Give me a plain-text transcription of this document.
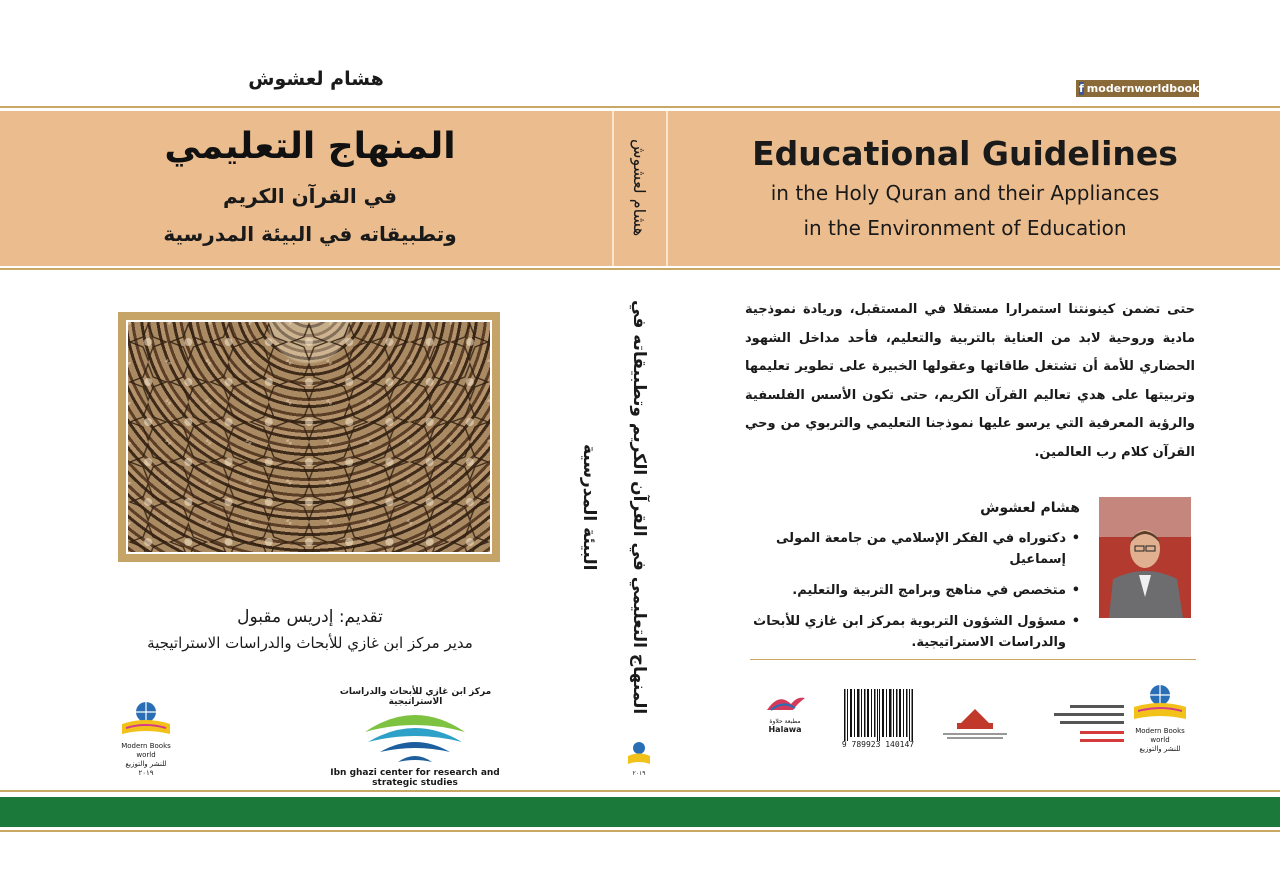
هشام لعشوش	f modernworldbook
المنهاج التعليمي
في القرآن الكريم
وتطبيقاته في البيئة المدرسية
Educational Guidelines
in the Holy Quran and their Appliances
in the Environment of Education
هشام لعشوش
المنهاج التعليمي في القرآن الكريم وتطبيقاته في البيئة المدرسية
تقديم: إدريس مقبول
مدير مركز ابن غازي للأبحاث والدراسات الاستراتيجية
حتى تضمن كينونتنا استمرارا مستقلا في المستقبل، وريادة نموذجية مادية وروحية لابد من العناية بالتربية والتعليم، فأحد مداخل الشهود الحضاري للأمة أن تشتغل طاقاتها وعقولها الخبيرة على تطوير تعليمها وتربيتها على هدي تعاليم القرآن الكريم، حتى تكون الأسس الفلسفية والرؤية المعرفية التي يرسو عليها نموذجنا التعليمي والتربوي من وحي القرآن كلام رب العالمين.
هشام لعشوش
• دكتوراه في الفكر الإسلامي من جامعة المولى إسماعيل
• متخصص في مناهج وبرامج التربية والتعليم.
• مسؤول الشؤون التربوية بمركز ابن غازي للأبحاث والدراسات الاستراتيجية.
Modern Books world
للنشر والتوزيع
٢٠١٩
مركز ابن غازي للأبحاث والدراسات الاستراتيجية
Ibn ghazi center for research and strategic studies
٢٠١٩
مطبعة حلاوة
Halawa
9 789923 140147
Modern Books world
للنشر والتوزيع
